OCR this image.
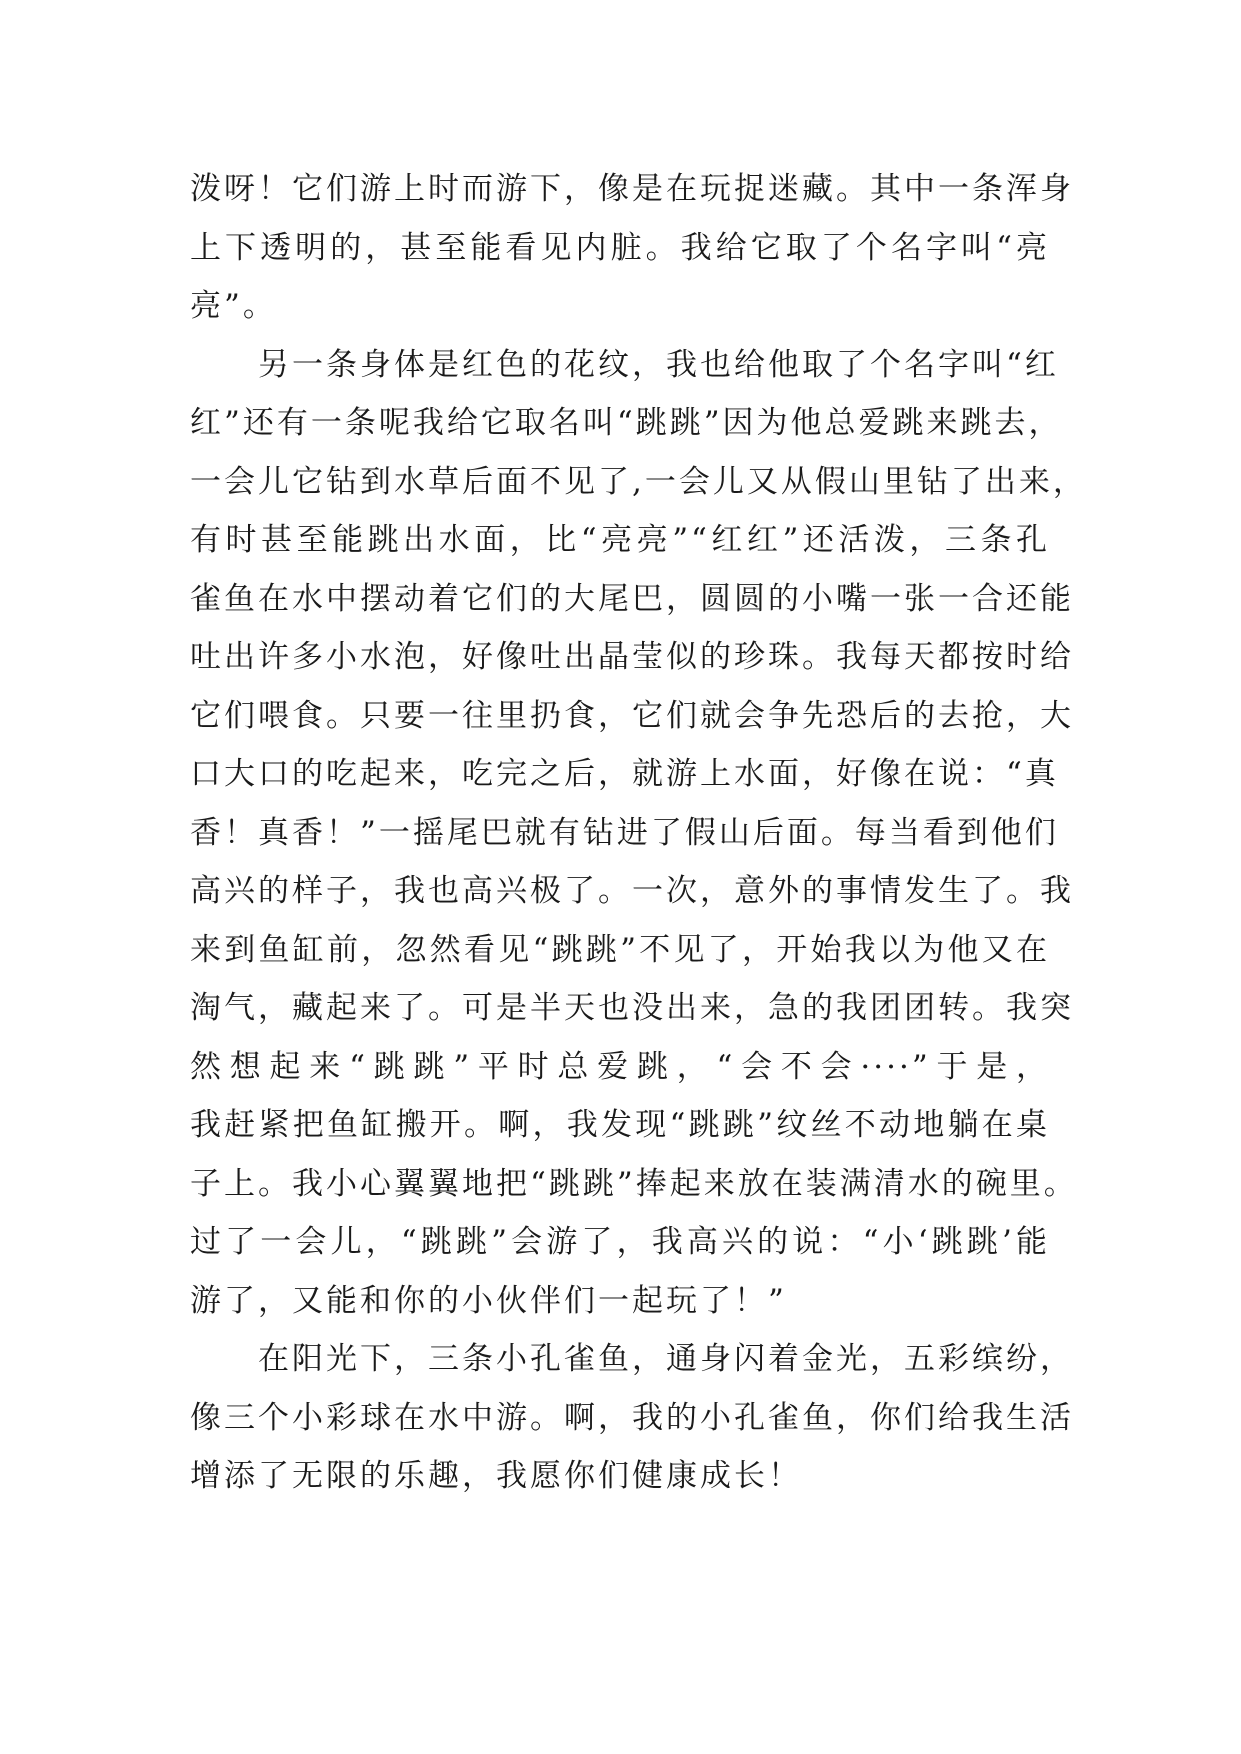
泼呀！它们游上时而游下，像是在玩捉迷藏。其中一条浑身
上下透明的，甚至能看见内脏。我给它取了个名字叫“亮
亮”。
另一条身体是红色的花纹，我也给他取了个名字叫“红
红”还有一条呢我给它取名叫“跳跳”因为他总爱跳来跳去，
一会儿它钻到水草后面不见了,一会儿又从假山里钻了出来，
有时甚至能跳出水面，比“亮亮”“红红”还活泼，三条孔
雀鱼在水中摆动着它们的大尾巴，圆圆的小嘴一张一合还能
吐出许多小水泡，好像吐出晶莹似的珍珠。我每天都按时给
它们喂食。只要一往里扔食，它们就会争先恐后的去抢，大
口大口的吃起来，吃完之后，就游上水面，好像在说：“真
香！真香！”一摇尾巴就有钻进了假山后面。每当看到他们
高兴的样子，我也高兴极了。一次，意外的事情发生了。我
来到鱼缸前，忽然看见“跳跳”不见了，开始我以为他又在
淘气，藏起来了。可是半天也没出来，急的我团团转。我突
然想起来“跳跳”平时总爱跳，“会不会····”于是，
我赶紧把鱼缸搬开。啊，我发现“跳跳”纹丝不动地躺在桌
子上。我小心翼翼地把“跳跳”捧起来放在装满清水的碗里。
过了一会儿，“跳跳”会游了，我高兴的说：“小‘跳跳’能
游了，又能和你的小伙伴们一起玩了！”
在阳光下，三条小孔雀鱼，通身闪着金光，五彩缤纷，
像三个小彩球在水中游。啊，我的小孔雀鱼，你们给我生活
增添了无限的乐趣，我愿你们健康成长！
